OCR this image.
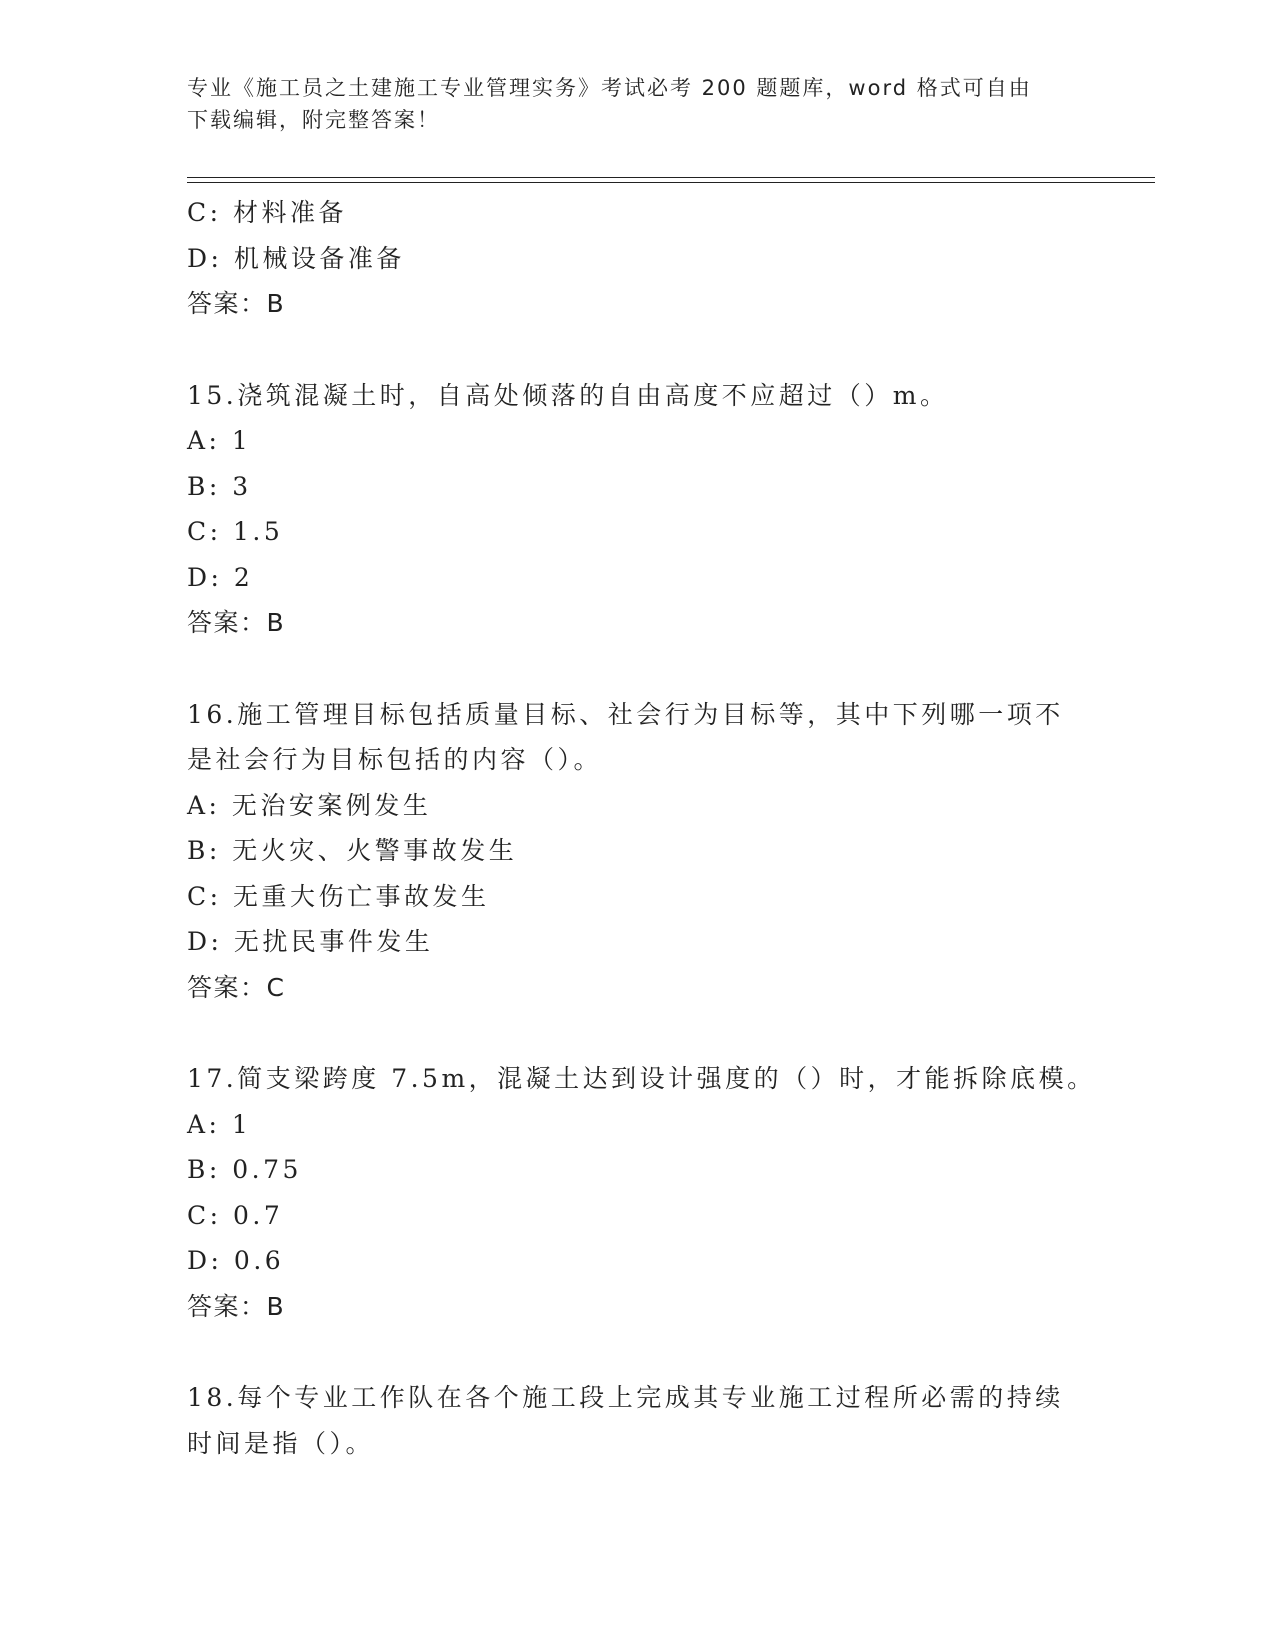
专业《施工员之土建施工专业管理实务》考试必考 200 题题库，word 格式可自由
下载编辑，附完整答案！
C: 材料准备
D: 机械设备准备
答案：B
15.浇筑混凝土时，自高处倾落的自由高度不应超过（）m。
A: 1
B: 3
C: 1.5
D: 2
答案：B
16.施工管理目标包括质量目标、社会行为目标等，其中下列哪一项不
是社会行为目标包括的内容（）。
A: 无治安案例发生
B: 无火灾、火警事故发生
C: 无重大伤亡事故发生
D: 无扰民事件发生
答案：C
17.简支梁跨度 7.5m，混凝土达到设计强度的（）时，才能拆除底模。
A: 1
B: 0.75
C: 0.7
D: 0.6
答案：B
18.每个专业工作队在各个施工段上完成其专业施工过程所必需的持续
时间是指（）。
